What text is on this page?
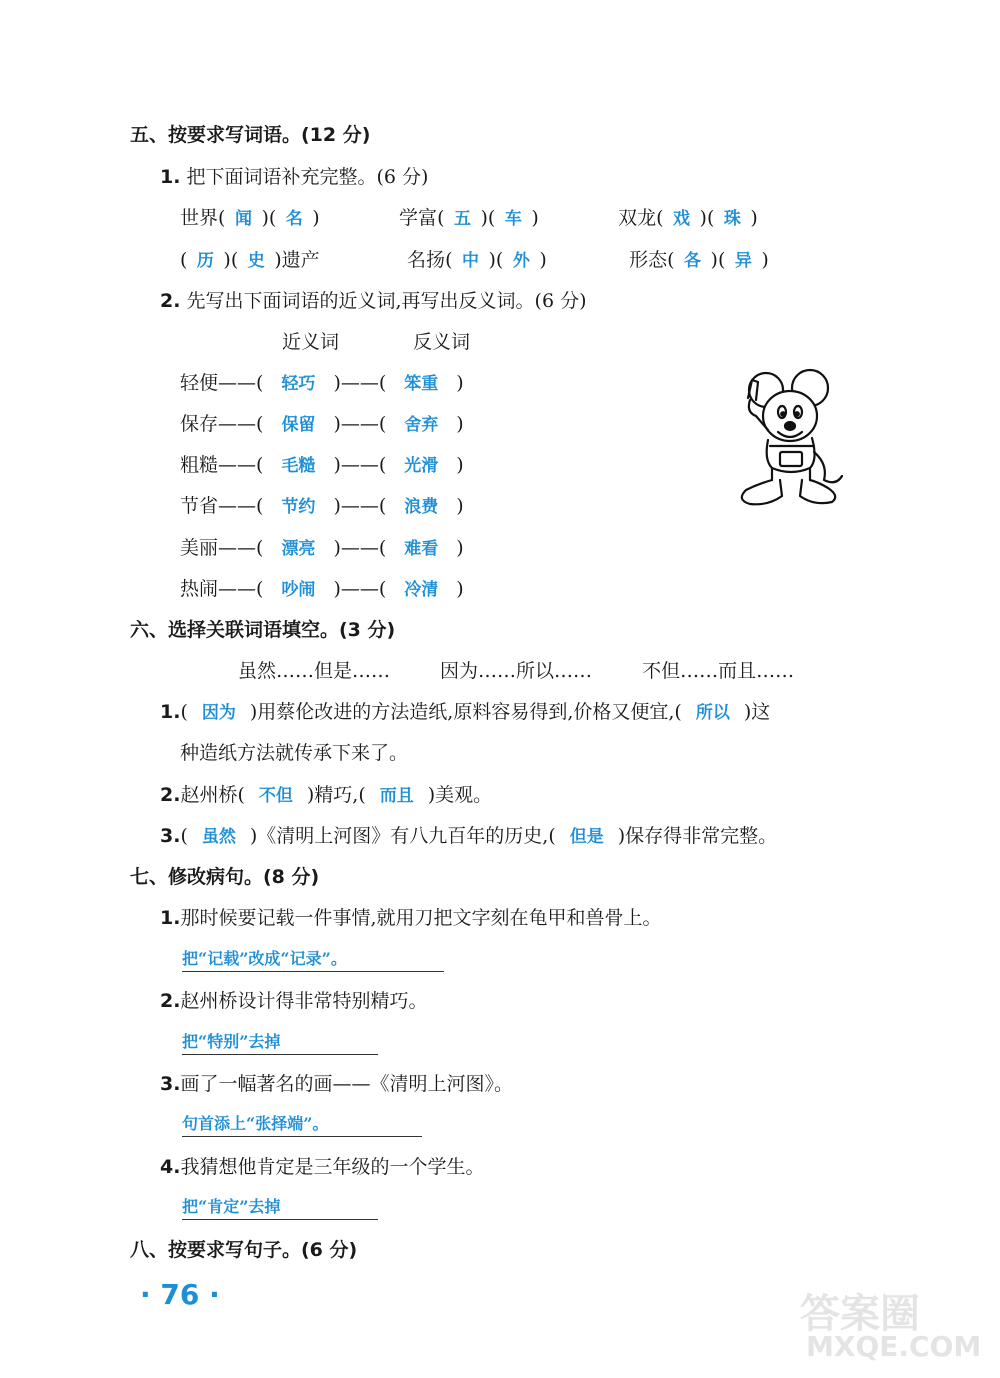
五、按要求写词语。(12 分)
1. 把下面词语补充完整。(6 分)
世界( 闻 )( 名 )	学富( 五 )( 车 )	双龙( 戏 )( 珠 )
( 历 )( 史 )遗产	名扬( 中 )( 外 )	形态( 各 )( 异 )
2. 先写出下面词语的近义词,再写出反义词。(6 分)
近义词	反义词
轻便——( 轻巧 )——( 笨重 )
保存——( 保留 )——( 舍弃 )
粗糙——( 毛糙 )——( 光滑 )
节省——( 节约 )——( 浪费 )
美丽——( 漂亮 )——( 难看 )
热闹——( 吵闹 )——( 冷清 )
六、选择关联词语填空。(3 分)
虽然……但是……	因为……所以……	不但……而且……
1.( 因为 )用蔡伦改进的方法造纸,原料容易得到,价格又便宜,( 所以 )这
种造纸方法就传承下来了。
2.赵州桥( 不但 )精巧,( 而且 )美观。
3.( 虽然 )《清明上河图》有八九百年的历史,( 但是 )保存得非常完整。
七、修改病句。(8 分)
1.那时候要记载一件事情,就用刀把文字刻在龟甲和兽骨上。
把“记载”改成“记录”。
2.赵州桥设计得非常特别精巧。
把“特别”去掉
3.画了一幅著名的画——《清明上河图》。
句首添上“张择端”。
4.我猜想他肯定是三年级的一个学生。
把“肯定”去掉
八、按要求写句子。(6 分)
· 76 ·	答案圈
MXQE.COM
